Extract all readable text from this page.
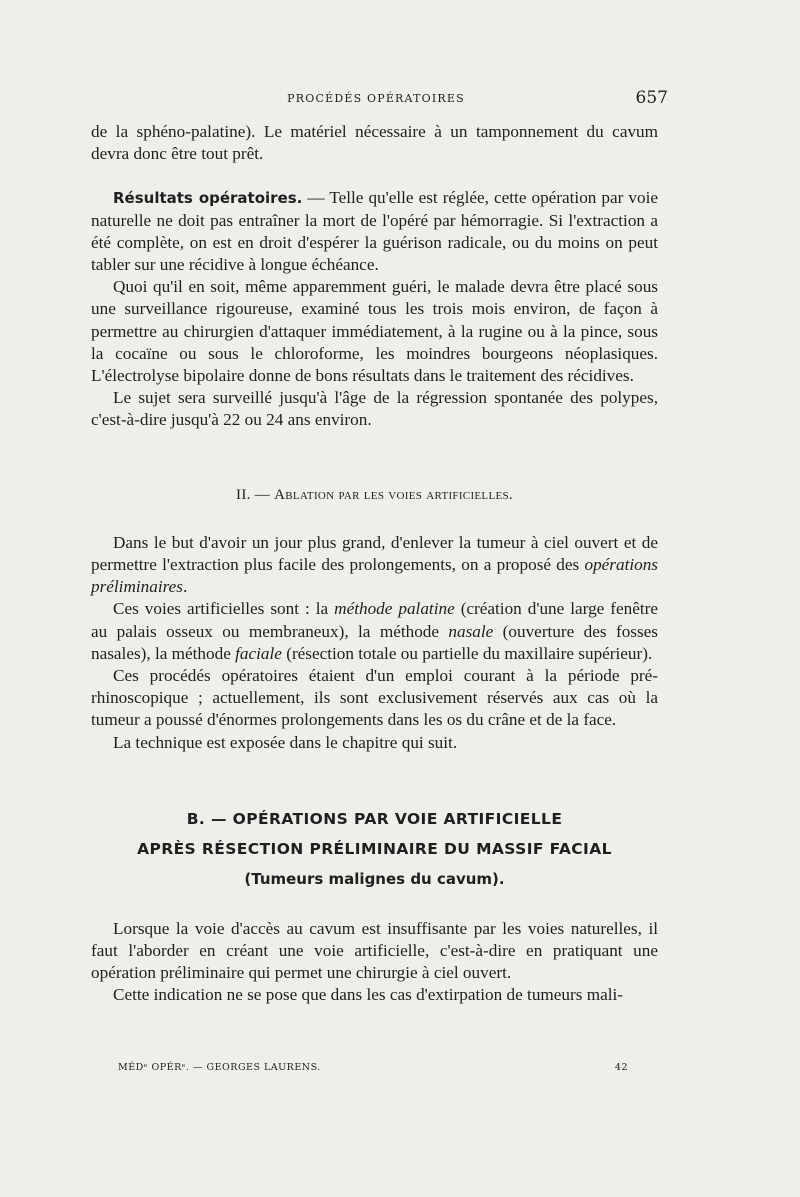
PROCÉDÉS OPÉRATOIRES	657

de la sphéno-palatine). Le matériel nécessaire à un tamponnement du cavum devra donc être tout prêt.

Résultats opératoires. — Telle qu'elle est réglée, cette opération par voie naturelle ne doit pas entraîner la mort de l'opéré par hémorragie. Si l'extraction a été complète, on est en droit d'espérer la guérison radicale, ou du moins on peut tabler sur une récidive à longue échéance.

Quoi qu'il en soit, même apparemment guéri, le malade devra être placé sous une surveillance rigoureuse, examiné tous les trois mois environ, de façon à permettre au chirurgien d'attaquer immédiatement, à la rugine ou à la pince, sous la cocaïne ou sous le chloroforme, les moindres bourgeons néoplasiques. L'électrolyse bipolaire donne de bons résultats dans le traitement des récidives.

Le sujet sera surveillé jusqu'à l'âge de la régression spontanée des polypes, c'est-à-dire jusqu'à 22 ou 24 ans environ.

II. — Ablation par les voies artificielles.

Dans le but d'avoir un jour plus grand, d'enlever la tumeur à ciel ouvert et de permettre l'extraction plus facile des prolongements, on a proposé des opérations préliminaires.

Ces voies artificielles sont : la méthode palatine (création d'une large fenêtre au palais osseux ou membraneux), la méthode nasale (ouverture des fosses nasales), la méthode faciale (résection totale ou partielle du maxillaire supérieur).

Ces procédés opératoires étaient d'un emploi courant à la période pré-rhinoscopique ; actuellement, ils sont exclusivement réservés aux cas où la tumeur a poussé d'énormes prolongements dans les os du crâne et de la face.

La technique est exposée dans le chapitre qui suit.

B. — OPÉRATIONS PAR VOIE ARTIFICIELLE
APRÈS RÉSECTION PRÉLIMINAIRE DU MASSIF FACIAL
(Tumeurs malignes du cavum).

Lorsque la voie d'accès au cavum est insuffisante par les voies naturelles, il faut l'aborder en créant une voie artificielle, c'est-à-dire en pratiquant une opération préliminaire qui permet une chirurgie à ciel ouvert.

Cette indication ne se pose que dans les cas d'extirpation de tumeurs mali-

MÉDᵉ OPÉRᵉ. — GEORGES LAURENS.	42
